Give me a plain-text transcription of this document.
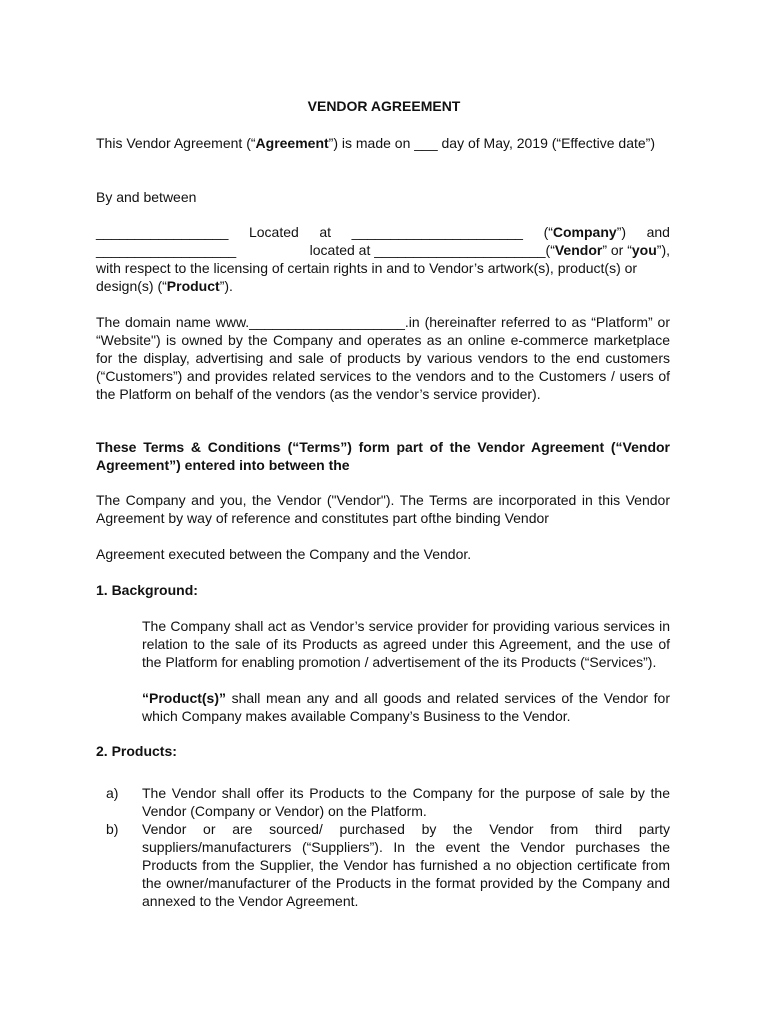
VENDOR AGREEMENT
This Vendor Agreement (“Agreement”) is made on ___ day of May, 2019 (“Effective date”)
By and between
_________________ Located at ______________________ (“Company”) and
__________________	located at ______________________(“Vendor” or “you”),
with respect to the licensing of certain rights in and to Vendor’s artwork(s), product(s) or
design(s) (“Product”).
The domain name www.____________________.in (hereinafter referred to as “Platform” or “Website") is owned by the Company and operates as an online e-commerce marketplace for the display, advertising and sale of products by various vendors to the end customers (“Customers”) and provides related services to the vendors and to the Customers / users of the Platform on behalf of the vendors (as the vendor’s service provider).
These Terms & Conditions (“Terms”) form part of the Vendor Agreement (“Vendor Agreement”) entered into between the
The Company and you, the Vendor ("Vendor"). The Terms are incorporated in this Vendor Agreement by way of reference and constitutes part ofthe binding Vendor
Agreement executed between the Company and the Vendor.
1. Background:
The Company shall act as Vendor’s service provider for providing various services in relation to the sale of its Products as agreed under this Agreement, and the use of the Platform for enabling promotion / advertisement of the its Products (“Services”).
“Product(s)” shall mean any and all goods and related services of the Vendor for which Company makes available Company’s Business to the Vendor.
2. Products:
a) The Vendor shall offer its Products to the Company for the purpose of sale by the Vendor (Company or Vendor) on the Platform.
b) Vendor or are sourced/ purchased by the Vendor from third party suppliers/manufacturers (“Suppliers”). In the event the Vendor purchases the Products from the Supplier, the Vendor has furnished a no objection certificate from the owner/manufacturer of the Products in the format provided by the Company and annexed to the Vendor Agreement.
